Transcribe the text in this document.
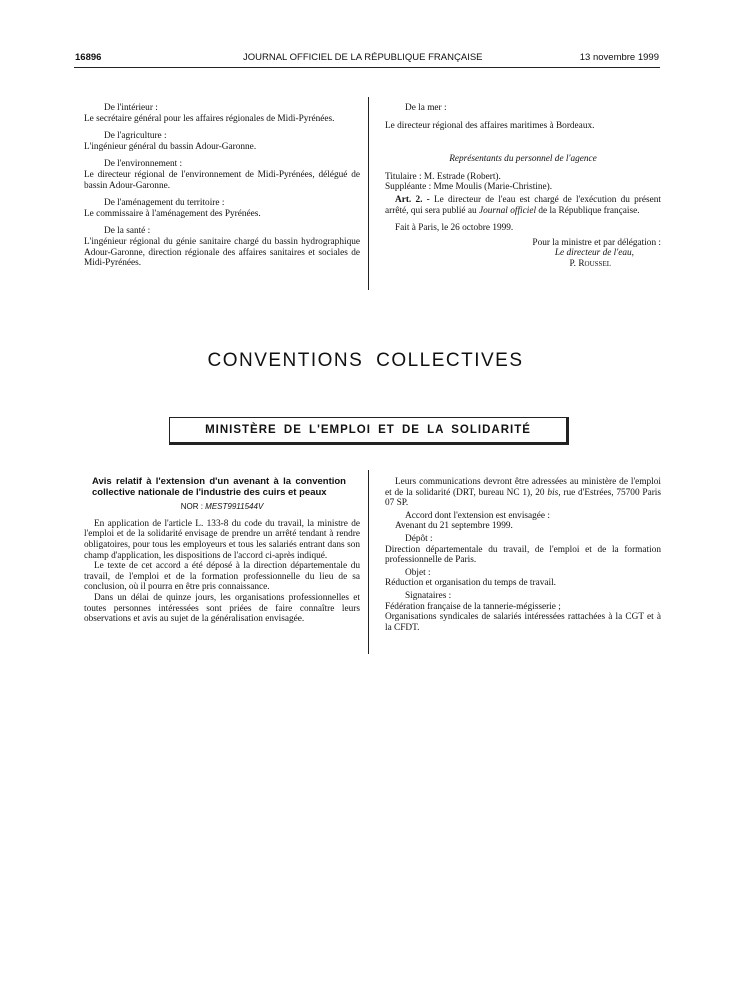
16896	JOURNAL OFFICIEL DE LA RÉPUBLIQUE FRANÇAISE	13 novembre 1999

De l'intérieur :

Le secrétaire général pour les affaires régionales de Midi-Pyrénées.

De l'agriculture :

L'ingénieur général du bassin Adour-Garonne.

De l'environnement :

Le directeur régional de l'environnement de Midi-Pyrénées, délégué de bassin Adour-Garonne.

De l'aménagement du territoire :

Le commissaire à l'aménagement des Pyrénées.

De la santé :

L'ingénieur régional du génie sanitaire chargé du bassin hydrographique Adour-Garonne, direction régionale des affaires sanitaires et sociales de Midi-Pyrénées.

De la mer :

Le directeur régional des affaires maritimes à Bordeaux.

Représentants du personnel de l'agence

Titulaire : M. Estrade (Robert).

Suppléante : Mme Moulis (Marie-Christine).

Art. 2. - Le directeur de l'eau est chargé de l'exécution du présent arrêté, qui sera publié au Journal officiel de la République française.

Fait à Paris, le 26 octobre 1999.

Pour la ministre et par délégation :

Le directeur de l'eau,

P. Roussel

CONVENTIONS COLLECTIVES
MINISTÈRE DE L'EMPLOI ET DE LA SOLIDARITÉ

Avis relatif à l'extension d'un avenant à la convention collective nationale de l'industrie des cuirs et peaux

NOR : MEST9911544V

En application de l'article L. 133-8 du code du travail, la ministre de l'emploi et de la solidarité envisage de prendre un arrêté tendant à rendre obligatoires, pour tous les employeurs et tous les salariés entrant dans son champ d'application, les dispositions de l'accord ci-après indiqué.

Le texte de cet accord a été déposé à la direction départementale du travail, de l'emploi et de la formation professionnelle du lieu de sa conclusion, où il pourra en être pris connaissance.

Dans un délai de quinze jours, les organisations professionnelles et toutes personnes intéressées sont priées de faire connaître leurs observations et avis au sujet de la généralisation envisagée.

Leurs communications devront être adressées au ministère de l'emploi et de la solidarité (DRT, bureau NC 1), 20 bis, rue d'Estrées, 75700 Paris 07 SP.

Accord dont l'extension est envisagée :

Avenant du 21 septembre 1999.

Dépôt :

Direction départementale du travail, de l'emploi et de la formation professionnelle de Paris.

Objet :

Réduction et organisation du temps de travail.

Signataires :

Fédération française de la tannerie-mégisserie ;

Organisations syndicales de salariés intéressées rattachées à la CGT et à la CFDT.
